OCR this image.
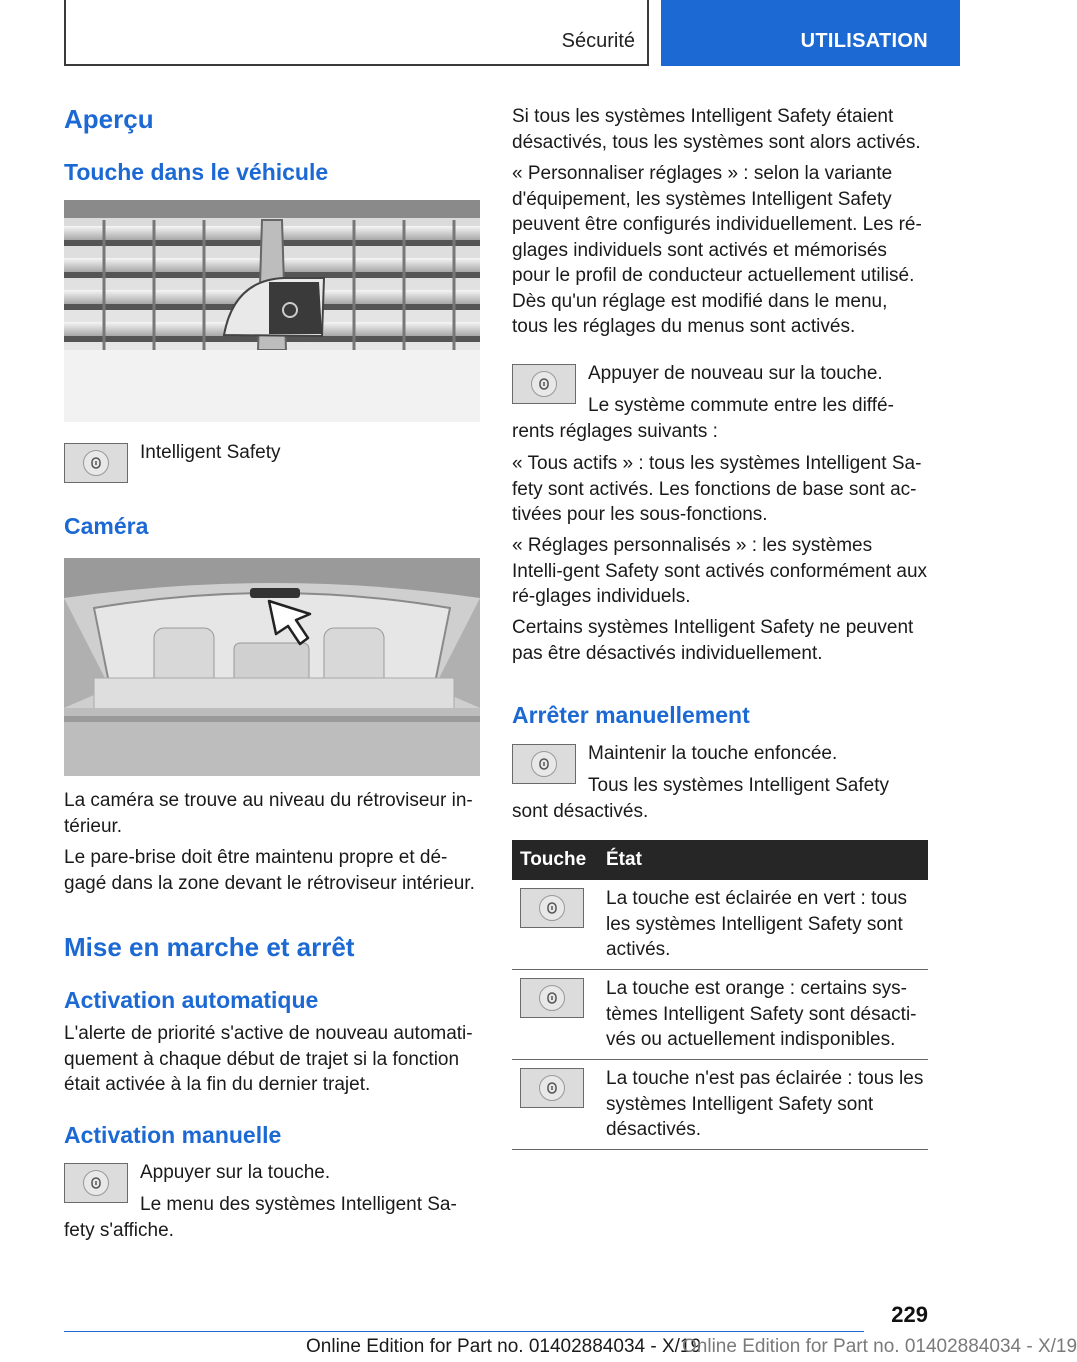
Sécurité	UTILISATION
Aperçu
Touche dans le véhicule
Intelligent Safety
Caméra
La caméra se trouve au niveau du rétroviseur in-térieur.
Le pare-brise doit être maintenu propre et dé-gagé dans la zone devant le rétroviseur intérieur.
Mise en marche et arrêt
Activation automatique
L'alerte de priorité s'active de nouveau automati-quement à chaque début de trajet si la fonction était activée à la fin du dernier trajet.
Activation manuelle
Appuyer sur la touche.
Le menu des systèmes Intelligent Sa-
fety s'affiche.
Si tous les systèmes Intelligent Safety étaient désactivés, tous les systèmes sont alors activés.
« Personnaliser réglages » : selon la variante d'équipement, les systèmes Intelligent Safety peuvent être configurés individuellement. Les ré-glages individuels sont activés et mémorisés pour le profil de conducteur actuellement utilisé. Dès qu'un réglage est modifié dans le menu, tous les réglages du menus sont activés.
Appuyer de nouveau sur la touche.
Le système commute entre les diffé-
rents réglages suivants :
« Tous actifs » : tous les systèmes Intelligent Sa-fety sont activés. Les fonctions de base sont ac-tivées pour les sous-fonctions.
« Réglages personnalisés » : les systèmes Intelli-gent Safety sont activés conformément aux ré-glages individuels.
Certains systèmes Intelligent Safety ne peuvent pas être désactivés individuellement.
Arrêter manuellement
Maintenir la touche enfoncée.
Tous les systèmes Intelligent Safety
sont désactivés.
Touche État
La touche est éclairée en vert : tous les systèmes Intelligent Safety sont activés.
La touche est orange : certains sys-tèmes Intelligent Safety sont désacti-vés ou actuellement indisponibles.
La touche n'est pas éclairée : tous les systèmes Intelligent Safety sont désactivés.
229
Online Edition for Part no. 01402884034 - X/19
Online Edition for Part no. 01402884034 - X/19
